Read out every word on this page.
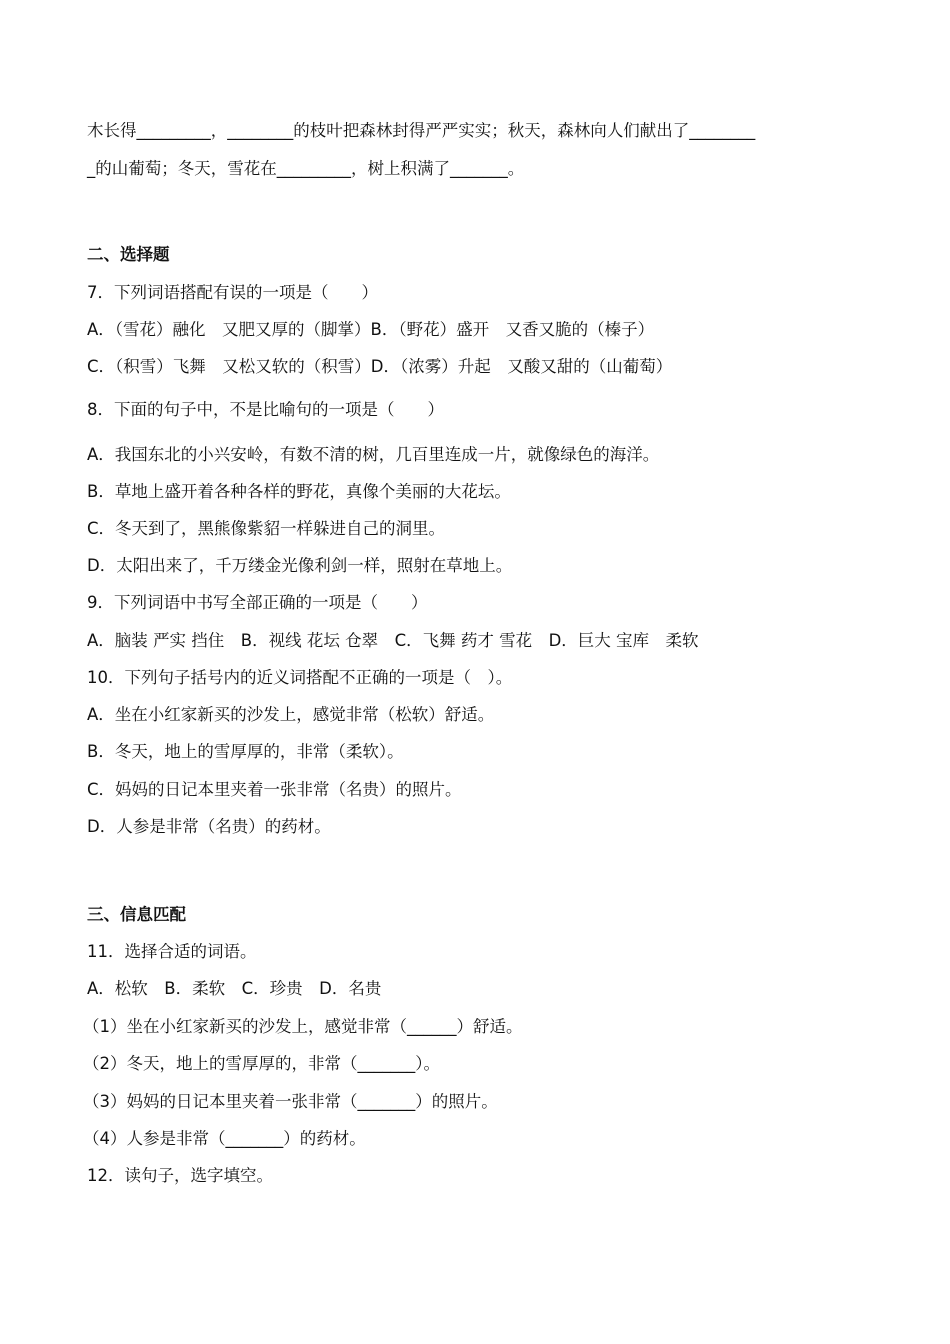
木长得_________，________的枝叶把森林封得严严实实；秋天，森林向人们献出了________
_的山葡萄；冬天，雪花在_________，树上积满了_______。
二、选择题
7．下列词语搭配有误的一项是（　　）
A．（雪花）融化　又肥又厚的（脚掌）B．（野花）盛开　又香又脆的（榛子）
C．（积雪）飞舞　又松又软的（积雪）D．（浓雾）升起　又酸又甜的（山葡萄）
8．下面的句子中，不是比喻句的一项是（　　）
A．我国东北的小兴安岭，有数不清的树，几百里连成一片，就像绿色的海洋。
B．草地上盛开着各种各样的野花，真像个美丽的大花坛。
C．冬天到了，黑熊像紫貂一样躲进自己的洞里。
D．太阳出来了，千万缕金光像利剑一样，照射在草地上。
9．下列词语中书写全部正确的一项是（　　）
A．脑装 严实 挡住　B．视线 花坛 仓翠　C．飞舞 药才 雪花　D．巨大 宝库　柔软
10．下列句子括号内的近义词搭配不正确的一项是（　）。
A．坐在小红家新买的沙发上，感觉非常（松软）舒适。
B．冬天，地上的雪厚厚的，非常（柔软）。
C．妈妈的日记本里夹着一张非常（名贵）的照片。
D．人参是非常（名贵）的药材。
三、信息匹配
11．选择合适的词语。
A．松软　B．柔软　C．珍贵　D．名贵
（1）坐在小红家新买的沙发上，感觉非常（______）舒适。
（2）冬天，地上的雪厚厚的，非常（_______）。
（3）妈妈的日记本里夹着一张非常（_______）的照片。
（4）人参是非常（_______）的药材。
12．读句子，选字填空。
